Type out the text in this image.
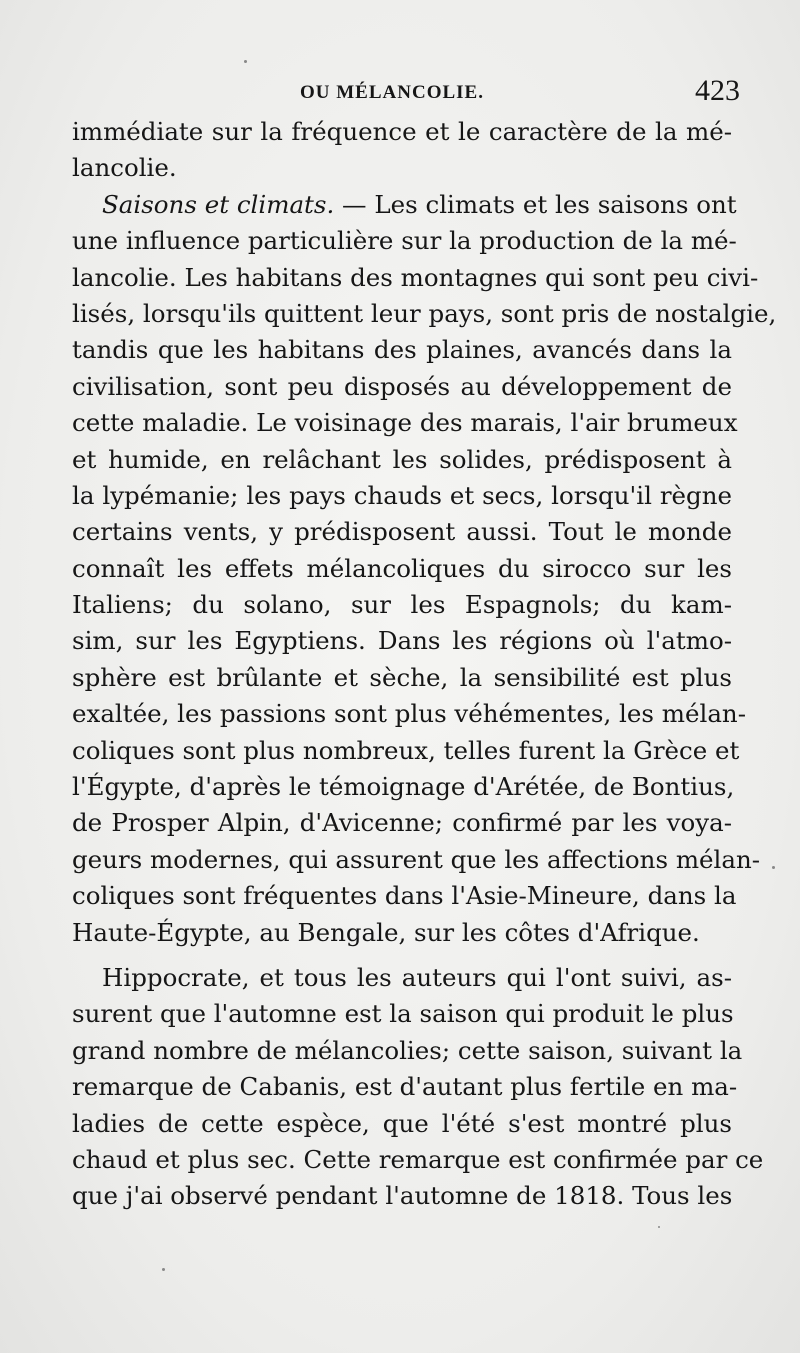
OU MÉLANCOLIE.	423
immédiate sur la fréquence et le caractère de la mé-
lancolie.
Saisons et climats. — Les climats et les saisons ont
une influence particulière sur la production de la mé-
lancolie. Les habitans des montagnes qui sont peu civi-
lisés, lorsqu'ils quittent leur pays, sont pris de nostalgie,
tandis que les habitans des plaines, avancés dans la
civilisation, sont peu disposés au développement de
cette maladie. Le voisinage des marais, l'air brumeux
et humide, en relâchant les solides, prédisposent à
la lypémanie; les pays chauds et secs, lorsqu'il règne
certains vents, y prédisposent aussi. Tout le monde
connaît les effets mélancoliques du sirocco sur les
Italiens; du solano, sur les Espagnols; du kam-
sim, sur les Egyptiens. Dans les régions où l'atmo-
sphère est brûlante et sèche, la sensibilité est plus
exaltée, les passions sont plus véhémentes, les mélan-
coliques sont plus nombreux, telles furent la Grèce et
l'Égypte, d'après le témoignage d'Arétée, de Bontius,
de Prosper Alpin, d'Avicenne; confirmé par les voya-
geurs modernes, qui assurent que les affections mélan-
coliques sont fréquentes dans l'Asie-Mineure, dans la
Haute-Égypte, au Bengale, sur les côtes d'Afrique.
Hippocrate, et tous les auteurs qui l'ont suivi, as-
surent que l'automne est la saison qui produit le plus
grand nombre de mélancolies; cette saison, suivant la
remarque de Cabanis, est d'autant plus fertile en ma-
ladies de cette espèce, que l'été s'est montré plus
chaud et plus sec. Cette remarque est confirmée par ce
que j'ai observé pendant l'automne de 1818. Tous les
